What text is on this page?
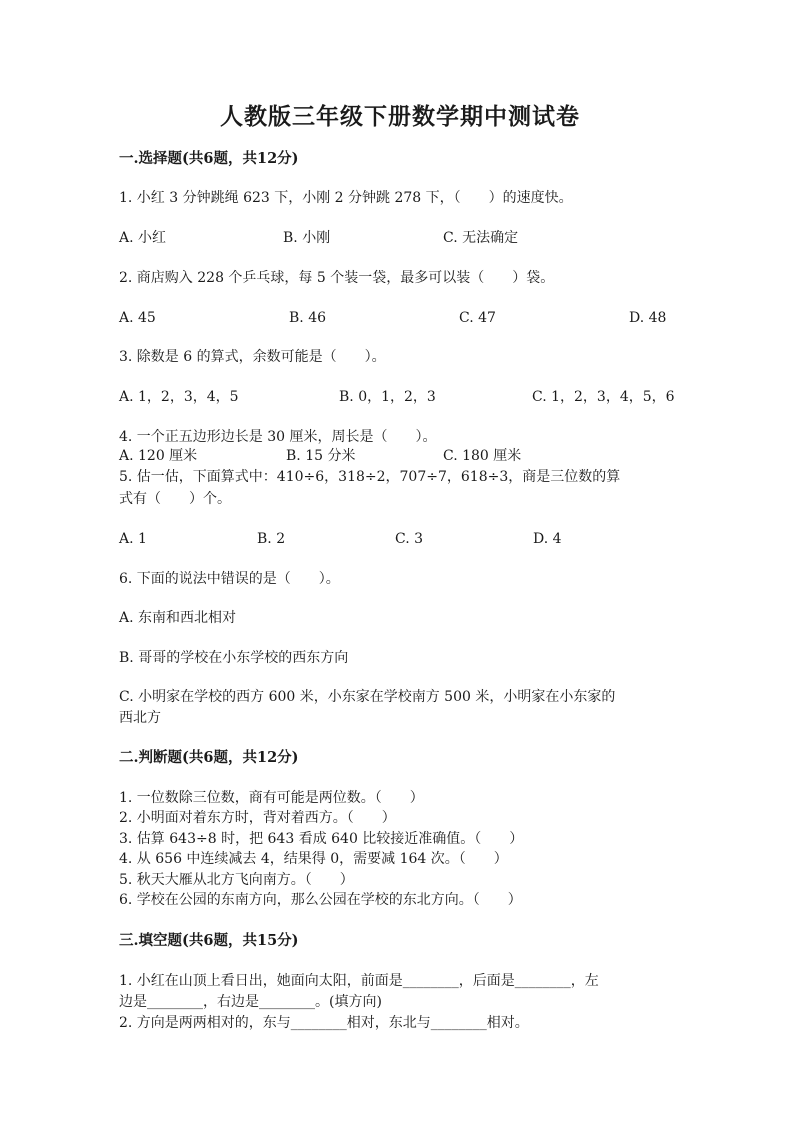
人教版三年级下册数学期中测试卷
一.选择题(共6题，共12分)
1. 小红 3 分钟跳绳 623 下，小刚 2 分钟跳 278 下，（　　）的速度快。
A. 小红	B. 小刚	C. 无法确定
2. 商店购入 228 个乒乓球，每 5 个装一袋，最多可以装（　　）袋。
A. 45	B. 46	C. 47	D. 48
3. 除数是 6 的算式，余数可能是（　　）。
A. 1，2，3，4，5	B. 0，1，2，3	C. 1，2，3，4，5，6
4. 一个正五边形边长是 30 厘米，周长是（　　）。
A. 120 厘米	B. 15 分米	C. 180 厘米
5. 估一估，下面算式中：410÷6，318÷2，707÷7，618÷3，商是三位数的算
式有（　　）个。
A. 1	B. 2	C. 3	D. 4
6. 下面的说法中错误的是（　　）。
A. 东南和西北相对
B. 哥哥的学校在小东学校的西东方向
C. 小明家在学校的西方 600 米，小东家在学校南方 500 米，小明家在小东家的
西北方
二.判断题(共6题，共12分)
1. 一位数除三位数，商有可能是两位数。（　　）
2. 小明面对着东方时，背对着西方。（　　）
3. 估算 643÷8 时，把 643 看成 640 比较接近准确值。（　　）
4. 从 656 中连续减去 4，结果得 0，需要减 164 次。（　　）
5. 秋天大雁从北方飞向南方。（　　）
6. 学校在公园的东南方向，那么公园在学校的东北方向。（　　）
三.填空题(共6题，共15分)
1. 小红在山顶上看日出，她面向太阳，前面是________，后面是________，左
边是________，右边是________。(填方向)
2. 方向是两两相对的，东与________相对，东北与________相对。
